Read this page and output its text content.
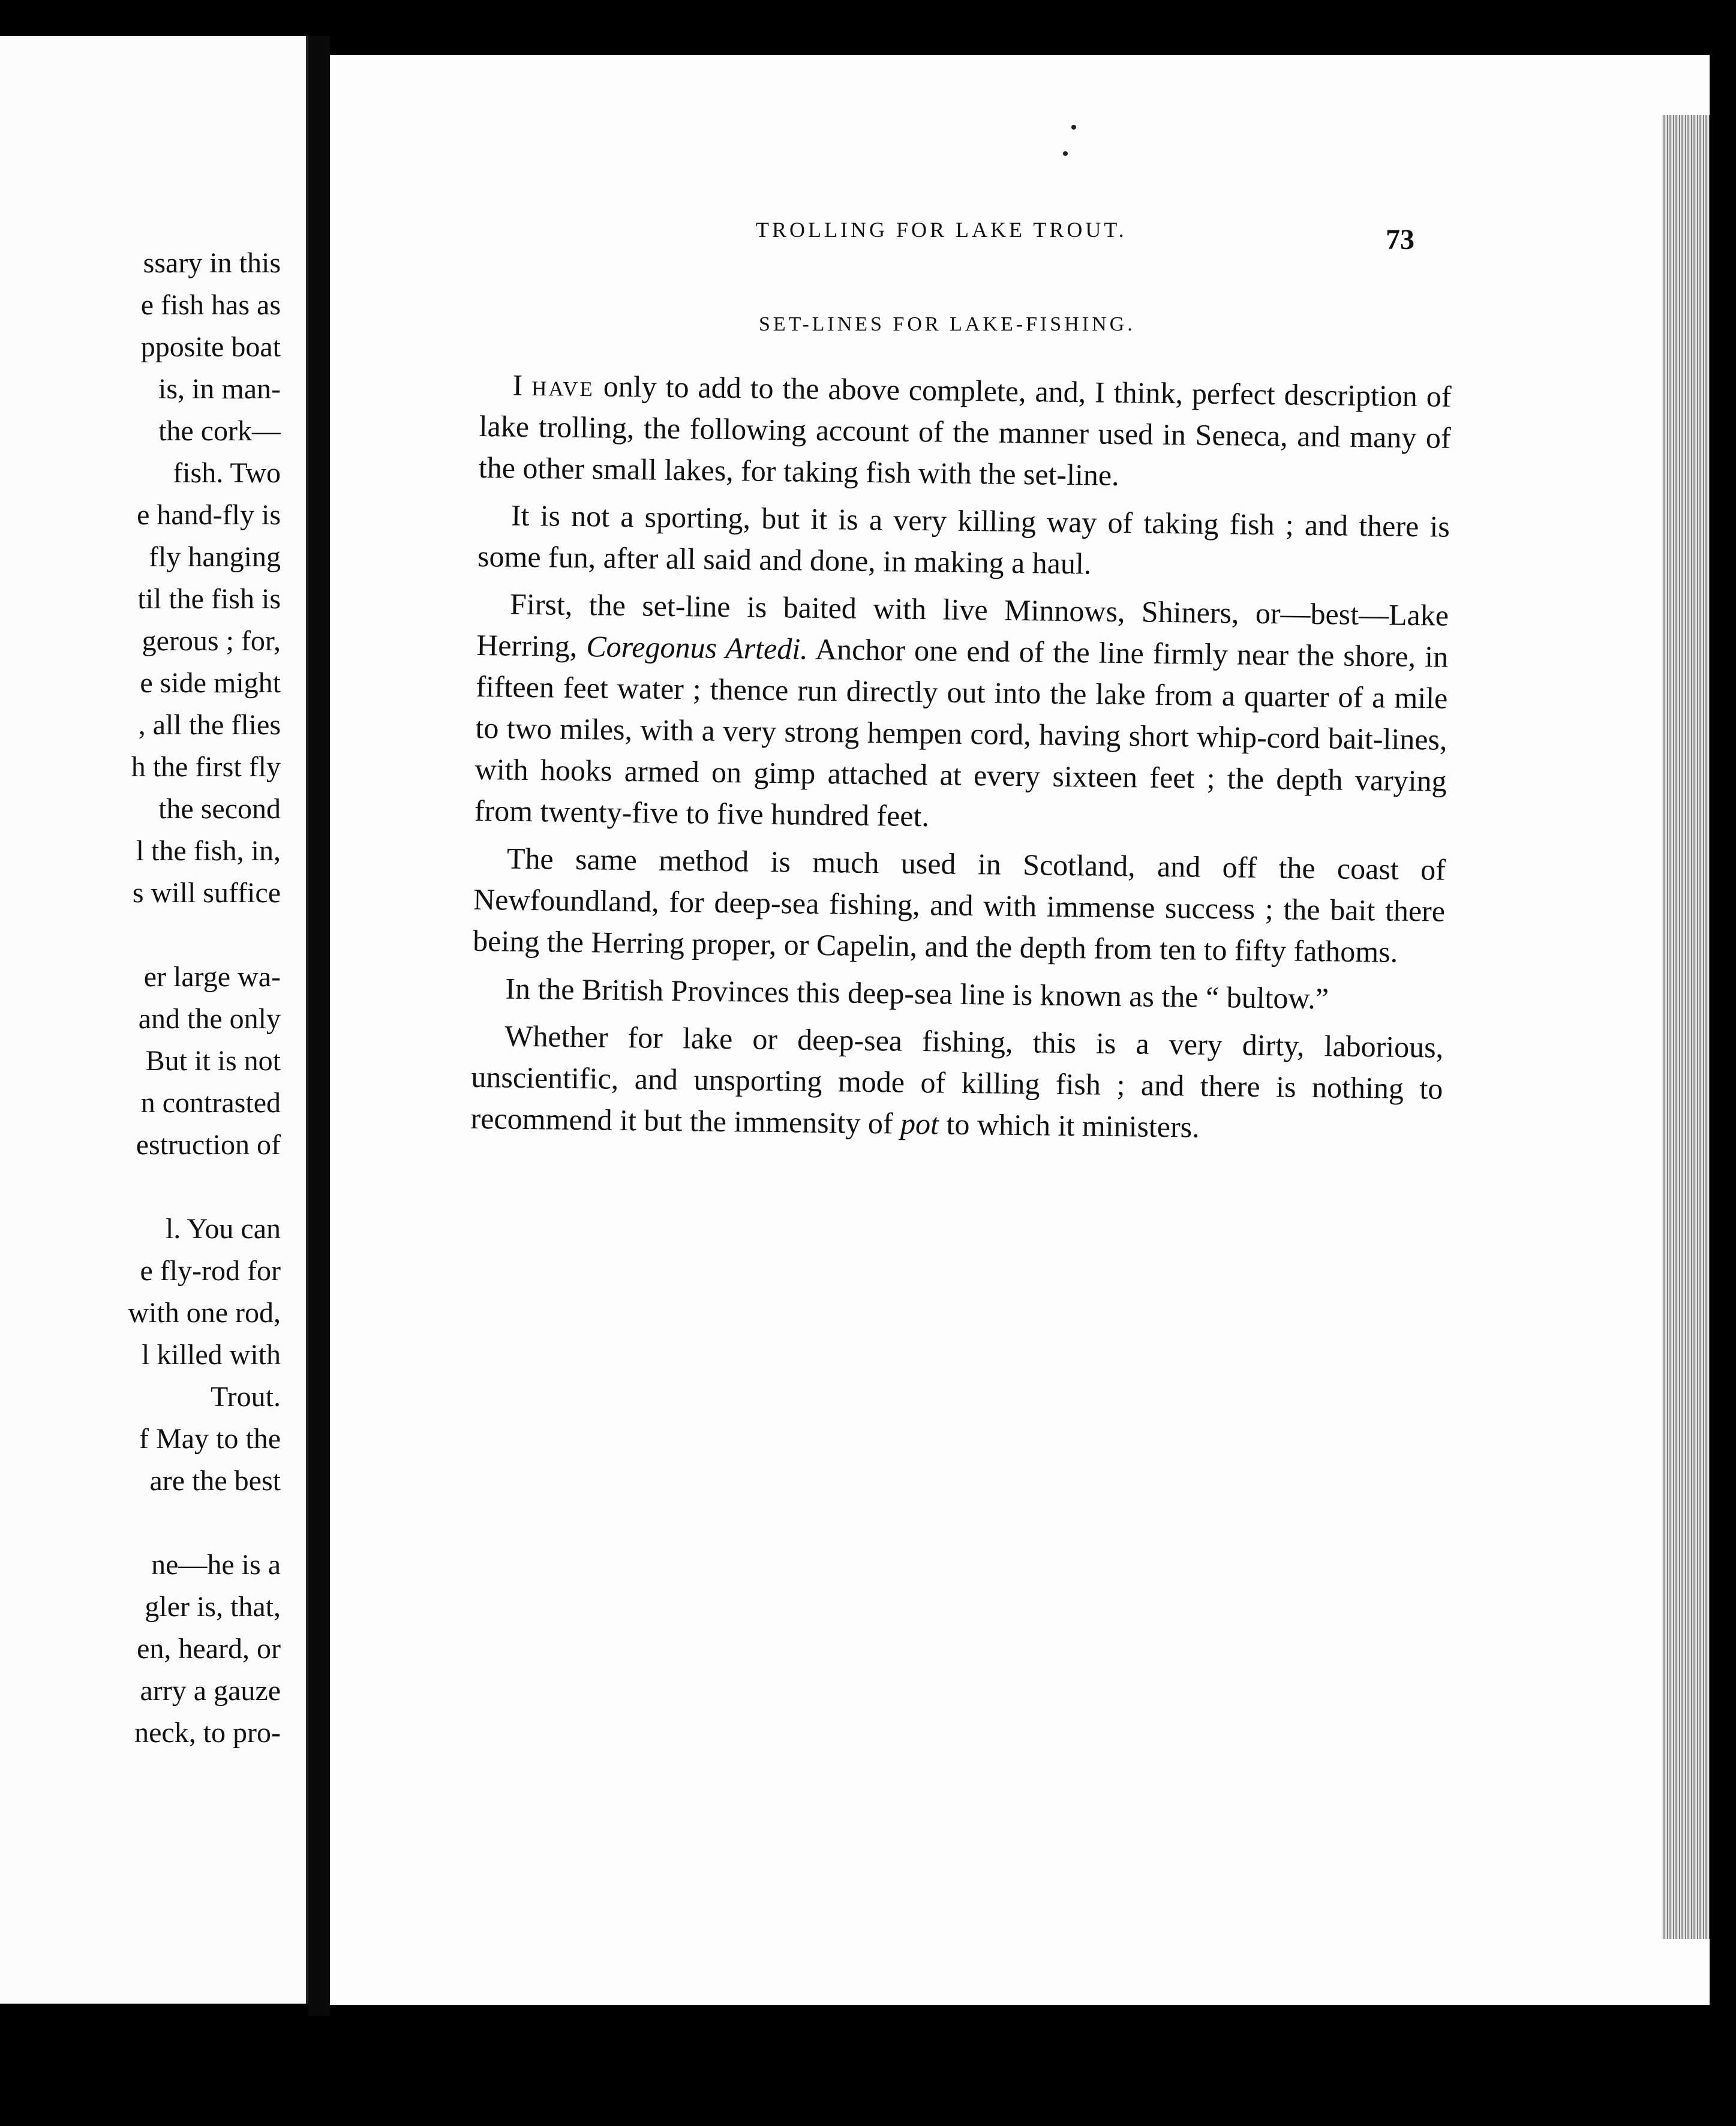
ssary in this
e fish has as
pposite boat
is, in man-
the cork—
fish. Two
e hand-fly is
fly hanging
til the fish is
gerous ; for,
e side might
, all the flies
h the first fly
the second
l the fish, in,
s will suffice
er large wa-
and the only
But it is not
n contrasted
estruction of
l. You can
e fly-rod for
with one rod,
l killed with
Trout.
f May to the
are the best
ne—he is a
gler is, that,
en, heard, or
arry a gauze
neck, to pro-
TROLLING FOR LAKE TROUT.	73
SET-LINES FOR LAKE-FISHING.

I have only to add to the above complete, and, I think, perfect description of lake trolling, the following account of the manner used in Seneca, and many of the other small lakes, for taking fish with the set-line.

It is not a sporting, but it is a very killing way of taking fish ; and there is some fun, after all said and done, in making a haul.

First, the set-line is baited with live Minnows, Shiners, or—best—Lake Herring, Coregonus Artedi. Anchor one end of the line firmly near the shore, in fifteen feet water ; thence run directly out into the lake from a quarter of a mile to two miles, with a very strong hempen cord, having short whip-cord bait-lines, with hooks armed on gimp attached at every sixteen feet ; the depth varying from twenty-five to five hundred feet.

The same method is much used in Scotland, and off the coast of Newfoundland, for deep-sea fishing, and with immense success ; the bait there being the Herring proper, or Capelin, and the depth from ten to fifty fathoms.

In the British Provinces this deep-sea line is known as the “ bultow.”

Whether for lake or deep-sea fishing, this is a very dirty, laborious, unscientific, and unsporting mode of killing fish ; and there is nothing to recommend it but the immensity of pot to which it ministers.
